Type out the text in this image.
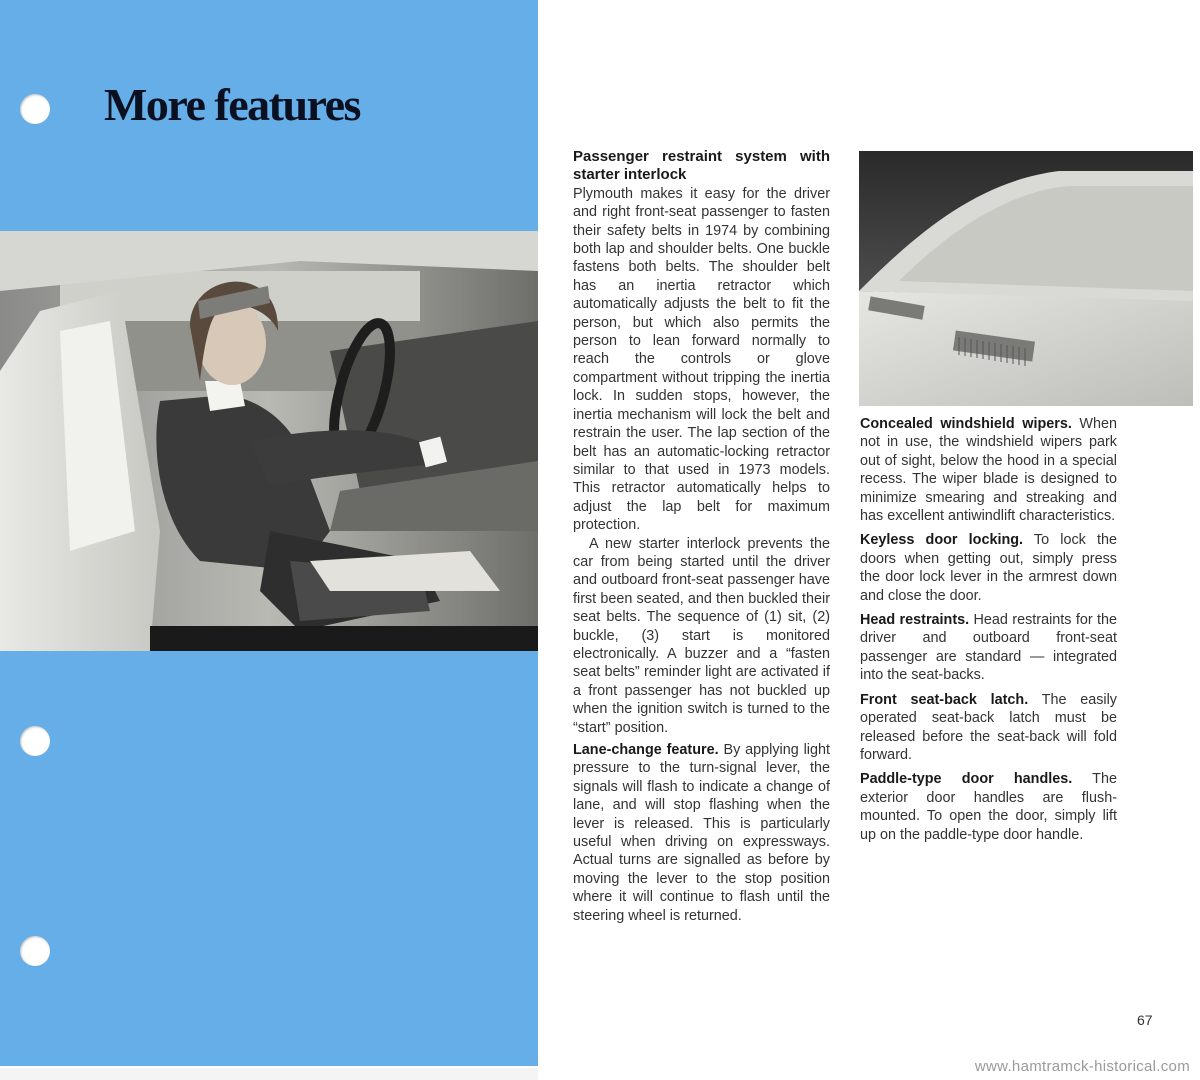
More features
Passenger restraint system with starter interlock

Plymouth makes it easy for the driver and right front-seat passenger to fasten their safety belts in 1974 by combining both lap and shoulder belts. One buckle fastens both belts. The shoulder belt has an inertia retractor which automatically adjusts the belt to fit the person, but which also permits the person to lean forward normally to reach the controls or glove compartment without tripping the inertia lock. In sudden stops, however, the inertia mechanism will lock the belt and restrain the user. The lap section of the belt has an automatic-locking retractor similar to that used in 1973 models. This retractor automatically helps to adjust the lap belt for maximum protection.

A new starter interlock prevents the car from being started until the driver and outboard front-seat passenger have first been seated, and then buckled their seat belts. The sequence of (1) sit, (2) buckle, (3) start is monitored electronically. A buzzer and a “fasten seat belts” reminder light are activated if a front passenger has not buckled up when the ignition switch is turned to the “start” position.

Lane-change feature. By applying light pressure to the turn-signal lever, the signals will flash to indicate a change of lane, and will stop flashing when the lever is released. This is particularly useful when driving on expressways. Actual turns are signalled as before by moving the lever to the stop position where it will continue to flash until the steering wheel is returned.

Concealed windshield wipers. When not in use, the windshield wipers park out of sight, below the hood in a special recess. The wiper blade is designed to minimize smearing and streaking and has excellent antiwindlift characteristics.

Keyless door locking. To lock the doors when getting out, simply press the door lock lever in the armrest down and close the door.

Head restraints. Head restraints for the driver and outboard front-seat passenger are standard — integrated into the seat-backs.

Front seat-back latch. The easily operated seat-back latch must be released before the seat-back will fold forward.

Paddle-type door handles. The exterior door handles are flush-mounted. To open the door, simply lift up on the paddle-type door handle.

67
www.hamtramck-historical.com
